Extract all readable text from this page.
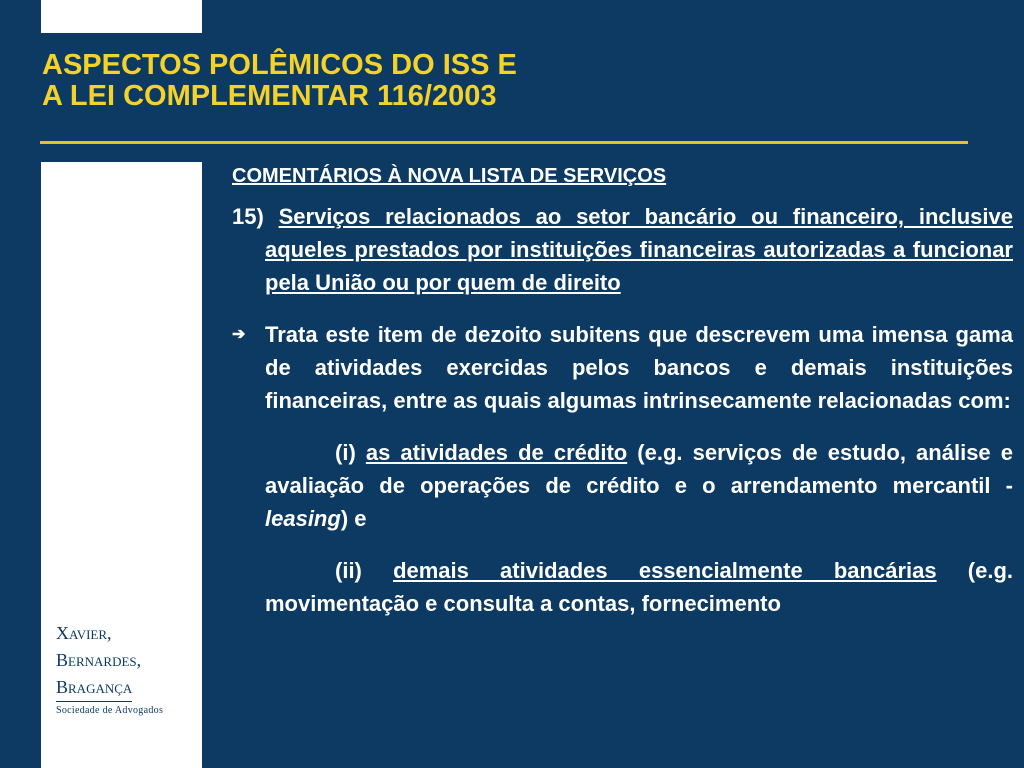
ASPECTOS POLÊMICOS DO ISS E
A LEI COMPLEMENTAR 116/2003
Xavier,
Bernardes,
Bragança
Sociedade de Advogados

COMENTÁRIOS À NOVA LISTA DE SERVIÇOS

15) Serviços relacionados ao setor bancário ou financeiro, inclusive aqueles prestados por instituições financeiras autorizadas a funcionar pela União ou por quem de direito

➔ Trata este item de dezoito subitens que descrevem uma imensa gama de atividades exercidas pelos bancos e demais instituições financeiras, entre as quais algumas intrinsecamente relacionadas com:

(i) as atividades de crédito (e.g. serviços de estudo, análise e avaliação de operações de crédito e o arrendamento mercantil - leasing) e

(ii) demais atividades essencialmente bancárias (e.g. movimentação e consulta a contas, fornecimento
